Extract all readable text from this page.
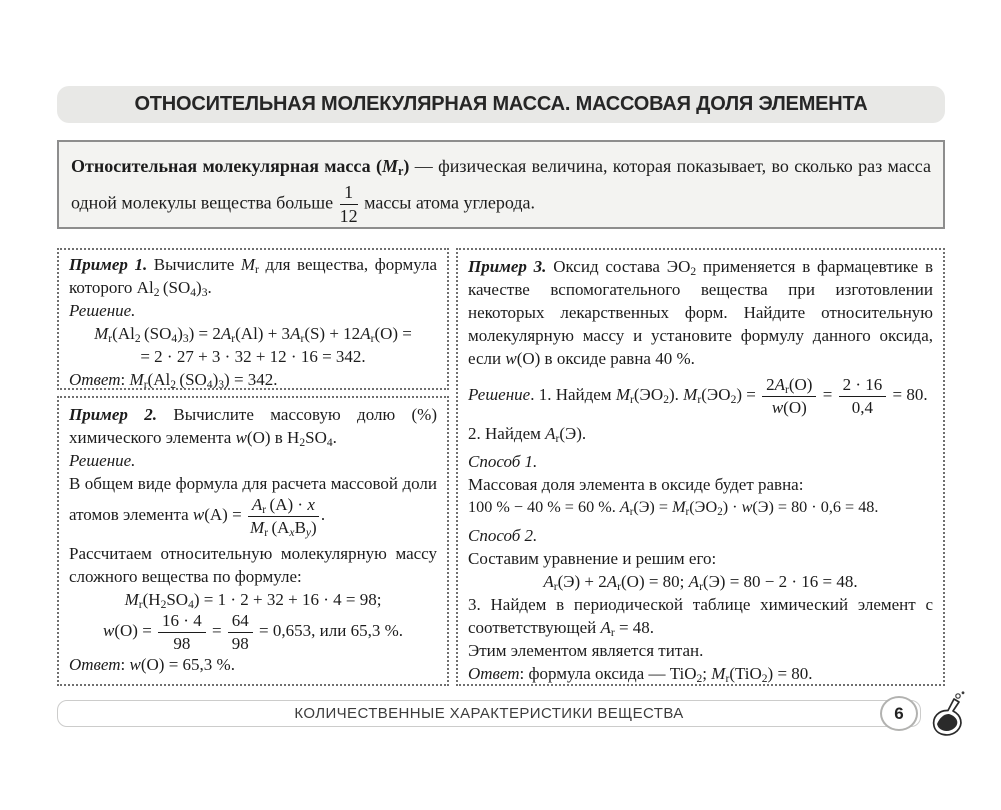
ОТНОСИТЕЛЬНАЯ МОЛЕКУЛЯРНАЯ МАССА. МАССОВАЯ ДОЛЯ ЭЛЕМЕНТА

Относительная молекулярная масса $(M_r)$ — физическая величина, которая показывает, во сколько раз масса одной молекулы вещества больше $\frac{1}{12}$ массы атома углерода.

Пример 1. Вычислите $M_r$ для вещества, формула которого $Al_2$ $(SO_4)_3$.

Решение.

$M_r(Al_2$ $(SO_4)_3) = 2A_r(Al) + 3A_r(S) + 12A_r(O)$ =

= 2 · 27 + 3 · 32 + 12 · 16 = 342.

Ответ: $M_r(Al_2$ $(SO_4)_3) = 342$.

Пример 2. Вычислите массовую долю (%) химического элемента w(O) в $H_2SO_4$.

Решение.

В общем виде формула для расчета массовой доли атомов элемента $w(A) = \frac{A_r (A) \cdot x}{M_r (A_xB_y)}$ .

Рассчитаем относительную молекулярную массу сложного вещества по формуле:

$M_r(H_2SO_4) = 1 \cdot 2 + 32 + 16 \cdot 4 = 98$;

$w(O) = \frac{16 \cdot 4}{98} = \frac{64}{98} = 0,653$, или 65,3 %.

Ответ: w(O) = 65,3 %.

Пример 3. Оксид состава $ЭО_2$ применяется в фармацевтике в качестве вспомогательного вещества при изготовлении некоторых лекарственных форм. Найдите относительную молекулярную массу и установите формулу данного оксида, если w(O) в оксиде равна 40 %.

Решение. 1. Найдем $M_r(ЭО_2)$. $M_r(ЭО_2) = \frac{2A_r(O)}{w(O)} = \frac{2 \cdot 16}{0,4} = 80$.

2. Найдем $A_r(Э)$.

Способ 1.

Массовая доля элемента в оксиде будет равна:

100 % − 40 % = 60 %. $A_r(Э) = M_r(ЭО_2) \cdot w(Э) = 80 \cdot 0,6 = 48$.

Способ 2.

Составим уравнение и решим его:

$A_r(Э) + 2A_r(O) = 80$; $A_r(Э) = 80 - 2 \cdot 16 = 48$.

3. Найдем в периодической таблице химический элемент с соответствующей $A_r = 48$.

Этим элементом является титан.

Ответ: формула оксида — TiO$_2$; $M_r(TiO_2) = 80$.

КОЛИЧЕСТВЕННЫЕ ХАРАКТЕРИСТИКИ ВЕЩЕСТВА	6
